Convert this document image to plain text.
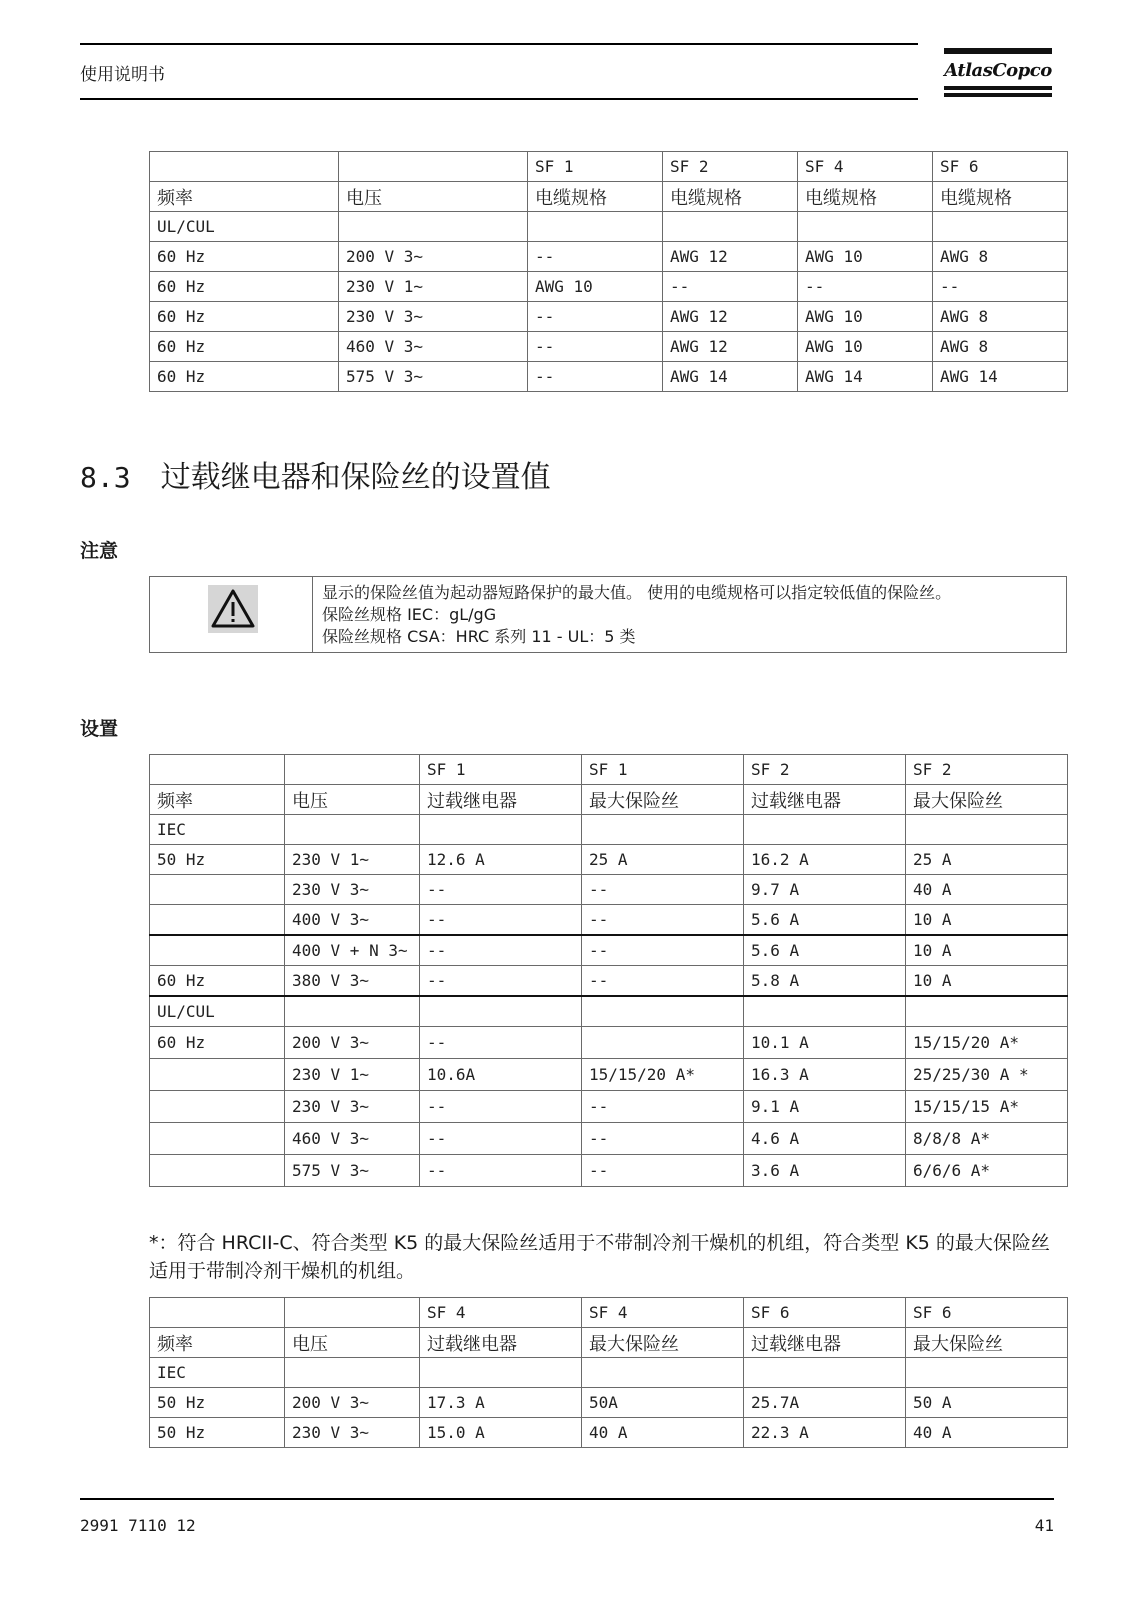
使用说明书	AtlasCopco
		SF 1	SF 2	SF 4	SF 6
频率	电压	电缆规格	电缆规格	电缆规格	电缆规格
UL/CUL					
60 Hz	200 V 3~	--	AWG 12	AWG 10	AWG 8
60 Hz	230 V 1~	AWG 10	--	--	--
60 Hz	230 V 3~	--	AWG 12	AWG 10	AWG 8
60 Hz	460 V 3~	--	AWG 12	AWG 10	AWG 8
60 Hz	575 V 3~	--	AWG 14	AWG 14	AWG 14
8.3 过载继电器和保险丝的设置值
注意
显示的保险丝值为起动器短路保护的最大值。 使用的电缆规格可以指定较低值的保险丝。
保险丝规格 IEC：gL/gG
保险丝规格 CSA：HRC 系列 11 - UL：5 类
设置
		SF 1	SF 1	SF 2	SF 2
频率	电压	过载继电器	最大保险丝	过载继电器	最大保险丝
IEC					
50 Hz	230 V 1~	12.6 A	25 A	16.2 A	25 A
	230 V 3~	--	--	9.7 A	40 A
	400 V 3~	--	--	5.6 A	10 A
	400 V + N 3~	--	--	5.6 A	10 A
60 Hz	380 V 3~	--	--	5.8 A	10 A
UL/CUL					
60 Hz	200 V 3~	--		10.1 A	15/15/20 A*
	230 V 1~	10.6A	15/15/20 A*	16.3 A	25/25/30 A *
	230 V 3~	--	--	9.1 A	15/15/15 A*
	460 V 3~	--	--	4.6 A	8/8/8 A*
	575 V 3~	--	--	3.6 A	6/6/6 A*
*：符合 HRCII-C、符合类型 K5 的最大保险丝适用于不带制冷剂干燥机的机组，符合类型 K5 的最大保险丝适用于带制冷剂干燥机的机组。
		SF 4	SF 4	SF 6	SF 6
频率	电压	过载继电器	最大保险丝	过载继电器	最大保险丝
IEC					
50 Hz	200 V 3~	17.3 A	50A	25.7A	50 A
50 Hz	230 V 3~	15.0 A	40 A	22.3 A	40 A
2991 7110 12	41
